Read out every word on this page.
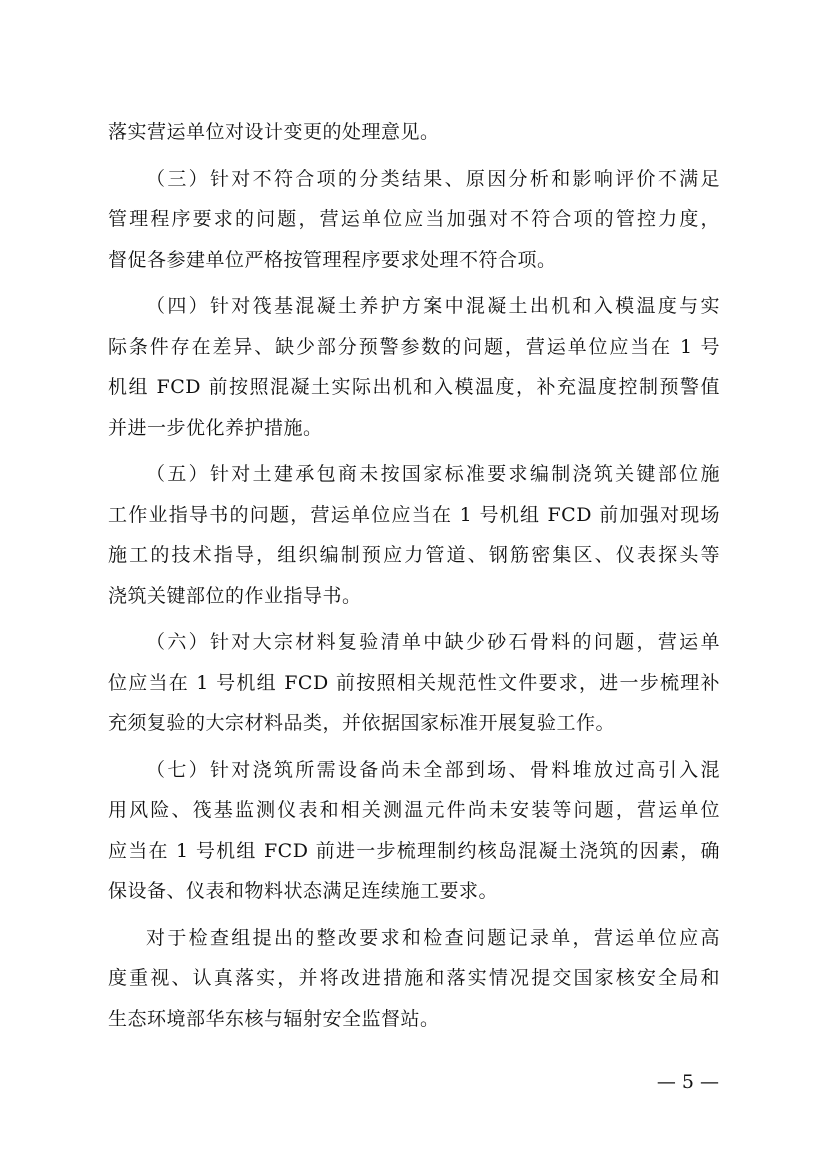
落实营运单位对设计变更的处理意见。
（三）针对不符合项的分类结果、原因分析和影响评价不满足
管理程序要求的问题，营运单位应当加强对不符合项的管控力度，
督促各参建单位严格按管理程序要求处理不符合项。
（四）针对筏基混凝土养护方案中混凝土出机和入模温度与实
际条件存在差异、缺少部分预警参数的问题，营运单位应当在 1 号
机组 FCD 前按照混凝土实际出机和入模温度，补充温度控制预警值
并进一步优化养护措施。
（五）针对土建承包商未按国家标准要求编制浇筑关键部位施
工作业指导书的问题，营运单位应当在 1 号机组 FCD 前加强对现场
施工的技术指导，组织编制预应力管道、钢筋密集区、仪表探头等
浇筑关键部位的作业指导书。
（六）针对大宗材料复验清单中缺少砂石骨料的问题，营运单
位应当在 1 号机组 FCD 前按照相关规范性文件要求，进一步梳理补
充须复验的大宗材料品类，并依据国家标准开展复验工作。
（七）针对浇筑所需设备尚未全部到场、骨料堆放过高引入混
用风险、筏基监测仪表和相关测温元件尚未安装等问题，营运单位
应当在 1 号机组 FCD 前进一步梳理制约核岛混凝土浇筑的因素，确
保设备、仪表和物料状态满足连续施工要求。
对于检查组提出的整改要求和检查问题记录单，营运单位应高
度重视、认真落实，并将改进措施和落实情况提交国家核安全局和
生态环境部华东核与辐射安全监督站。
— 5 —
